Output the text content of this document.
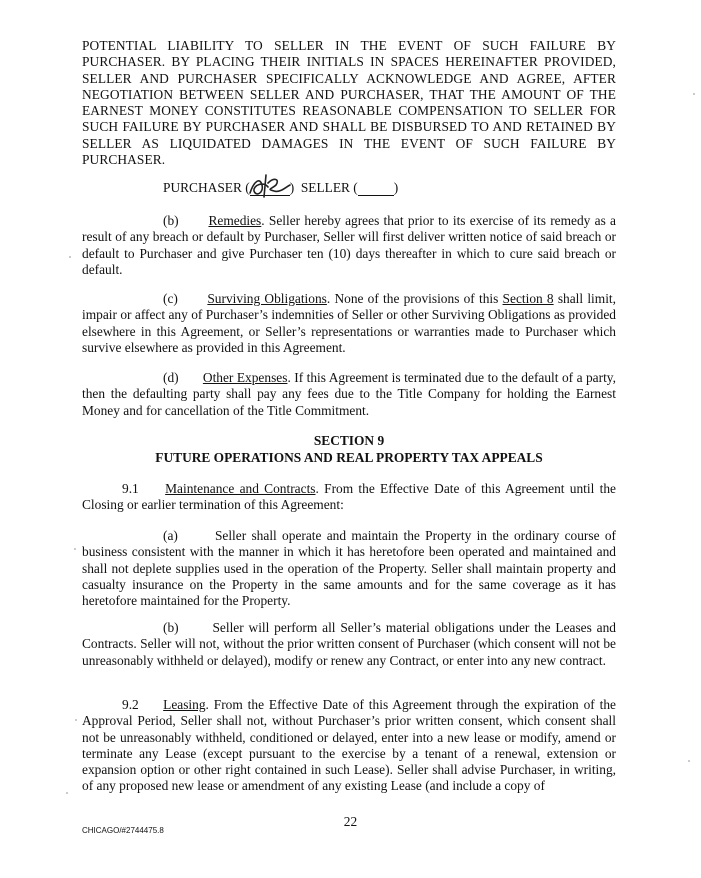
POTENTIAL LIABILITY TO SELLER IN THE EVENT OF SUCH FAILURE BY PURCHASER. BY PLACING THEIR INITIALS IN SPACES HEREINAFTER PROVIDED, SELLER AND PURCHASER SPECIFICALLY ACKNOWLEDGE AND AGREE, AFTER NEGOTIATION BETWEEN SELLER AND PURCHASER, THAT THE AMOUNT OF THE EARNEST MONEY CONSTITUTES REASONABLE COMPENSATION TO SELLER FOR SUCH FAILURE BY PURCHASER AND SHALL BE DISBURSED TO AND RETAINED BY SELLER AS LIQUIDATED DAMAGES IN THE EVENT OF SUCH FAILURE BY PURCHASER.

PURCHASER (	) SELLER (	)

(b) Remedies. Seller hereby agrees that prior to its exercise of its remedy as a result of any breach or default by Purchaser, Seller will first deliver written notice of said breach or default to Purchaser and give Purchaser ten (10) days thereafter in which to cure said breach or default.

(c) Surviving Obligations. None of the provisions of this Section 8 shall limit, impair or affect any of Purchaser’s indemnities of Seller or other Surviving Obligations as provided elsewhere in this Agreement, or Seller’s representations or warranties made to Purchaser which survive elsewhere as provided in this Agreement.

(d) Other Expenses. If this Agreement is terminated due to the default of a party, then the defaulting party shall pay any fees due to the Title Company for holding the Earnest Money and for cancellation of the Title Commitment.

SECTION 9

FUTURE OPERATIONS AND REAL PROPERTY TAX APPEALS

9.1 Maintenance and Contracts. From the Effective Date of this Agreement until the Closing or earlier termination of this Agreement:

(a)	Seller shall operate and maintain the Property in the ordinary course of business consistent with the manner in which it has heretofore been operated and maintained and shall not deplete supplies used in the operation of the Property. Seller shall maintain property and casualty insurance on the Property in the same amounts and for the same coverage as it has heretofore maintained for the Property.

(b)	Seller will perform all Seller’s material obligations under the Leases and Contracts. Seller will not, without the prior written consent of Purchaser (which consent will not be unreasonably withheld or delayed), modify or renew any Contract, or enter into any new contract.

9.2 Leasing. From the Effective Date of this Agreement through the expiration of the Approval Period, Seller shall not, without Purchaser’s prior written consent, which consent shall not be unreasonably withheld, conditioned or delayed, enter into a new lease or modify, amend or terminate any Lease (except pursuant to the exercise by a tenant of a renewal, extension or expansion option or other right contained in such Lease). Seller shall advise Purchaser, in writing, of any proposed new lease or amendment of any existing Lease (and include a copy of

22
CHICAGO/#2744475.8
